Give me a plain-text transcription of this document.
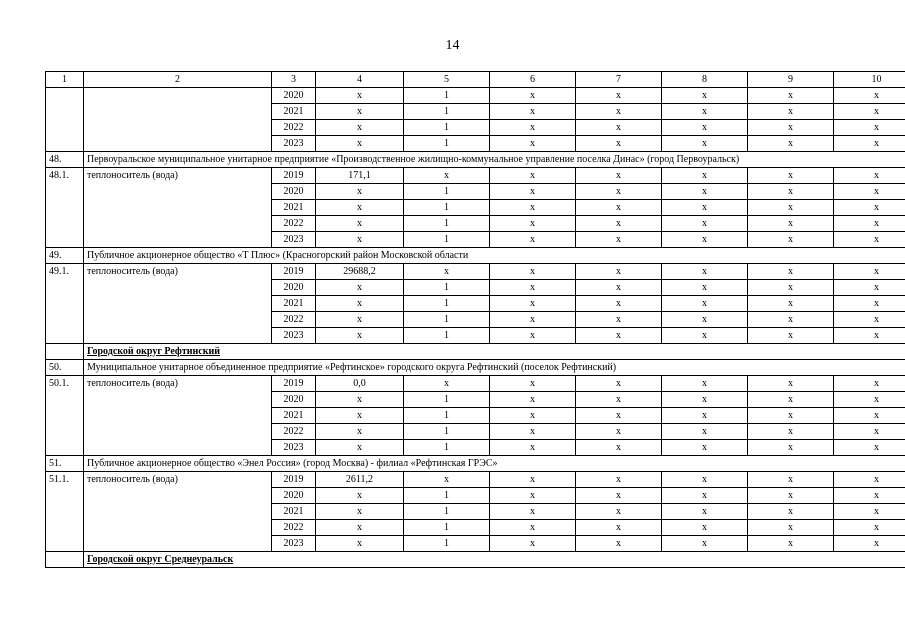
14
1	2	3	4	5	6	7	8	9	10
		2020	х	1	х	х	х	х	х
		2021	х	1	х	х	х	х	х
		2022	х	1	х	х	х	х	х
		2023	х	1	х	х	х	х	х
48.	Первоуральское муниципальное унитарное предприятие «Производственное жилищно-коммунальное управление поселка Динас» (город Первоуральск)								
48.1.	теплоноситель (вода)	2019	171,1	х	х	х	х	х	х
		2020	х	1	х	х	х	х	х
		2021	х	1	х	х	х	х	х
		2022	х	1	х	х	х	х	х
		2023	х	1	х	х	х	х	х
49.	Публичное акционерное общество «Т Плюс» (Красногорский район Московской области								
49.1.	теплоноситель (вода)	2019	29688,2	х	х	х	х	х	х
		2020	х	1	х	х	х	х	х
		2021	х	1	х	х	х	х	х
		2022	х	1	х	х	х	х	х
		2023	х	1	х	х	х	х	х
	Городской округ Рефтинский								
50.	Муниципальное унитарное объединенное предприятие «Рефтинское» городского округа Рефтинский (поселок Рефтинский)								
50.1.	теплоноситель (вода)	2019	0,0	х	х	х	х	х	х
		2020	х	1	х	х	х	х	х
		2021	х	1	х	х	х	х	х
		2022	х	1	х	х	х	х	х
		2023	х	1	х	х	х	х	х
51.	Публичное акционерное общество «Энел Россия» (город Москва) - филиал «Рефтинская ГРЭС»								
51.1.	теплоноситель (вода)	2019	2611,2	х	х	х	х	х	х
		2020	х	1	х	х	х	х	х
		2021	х	1	х	х	х	х	х
		2022	х	1	х	х	х	х	х
		2023	х	1	х	х	х	х	х
	Городской округ Среднеуральск								
